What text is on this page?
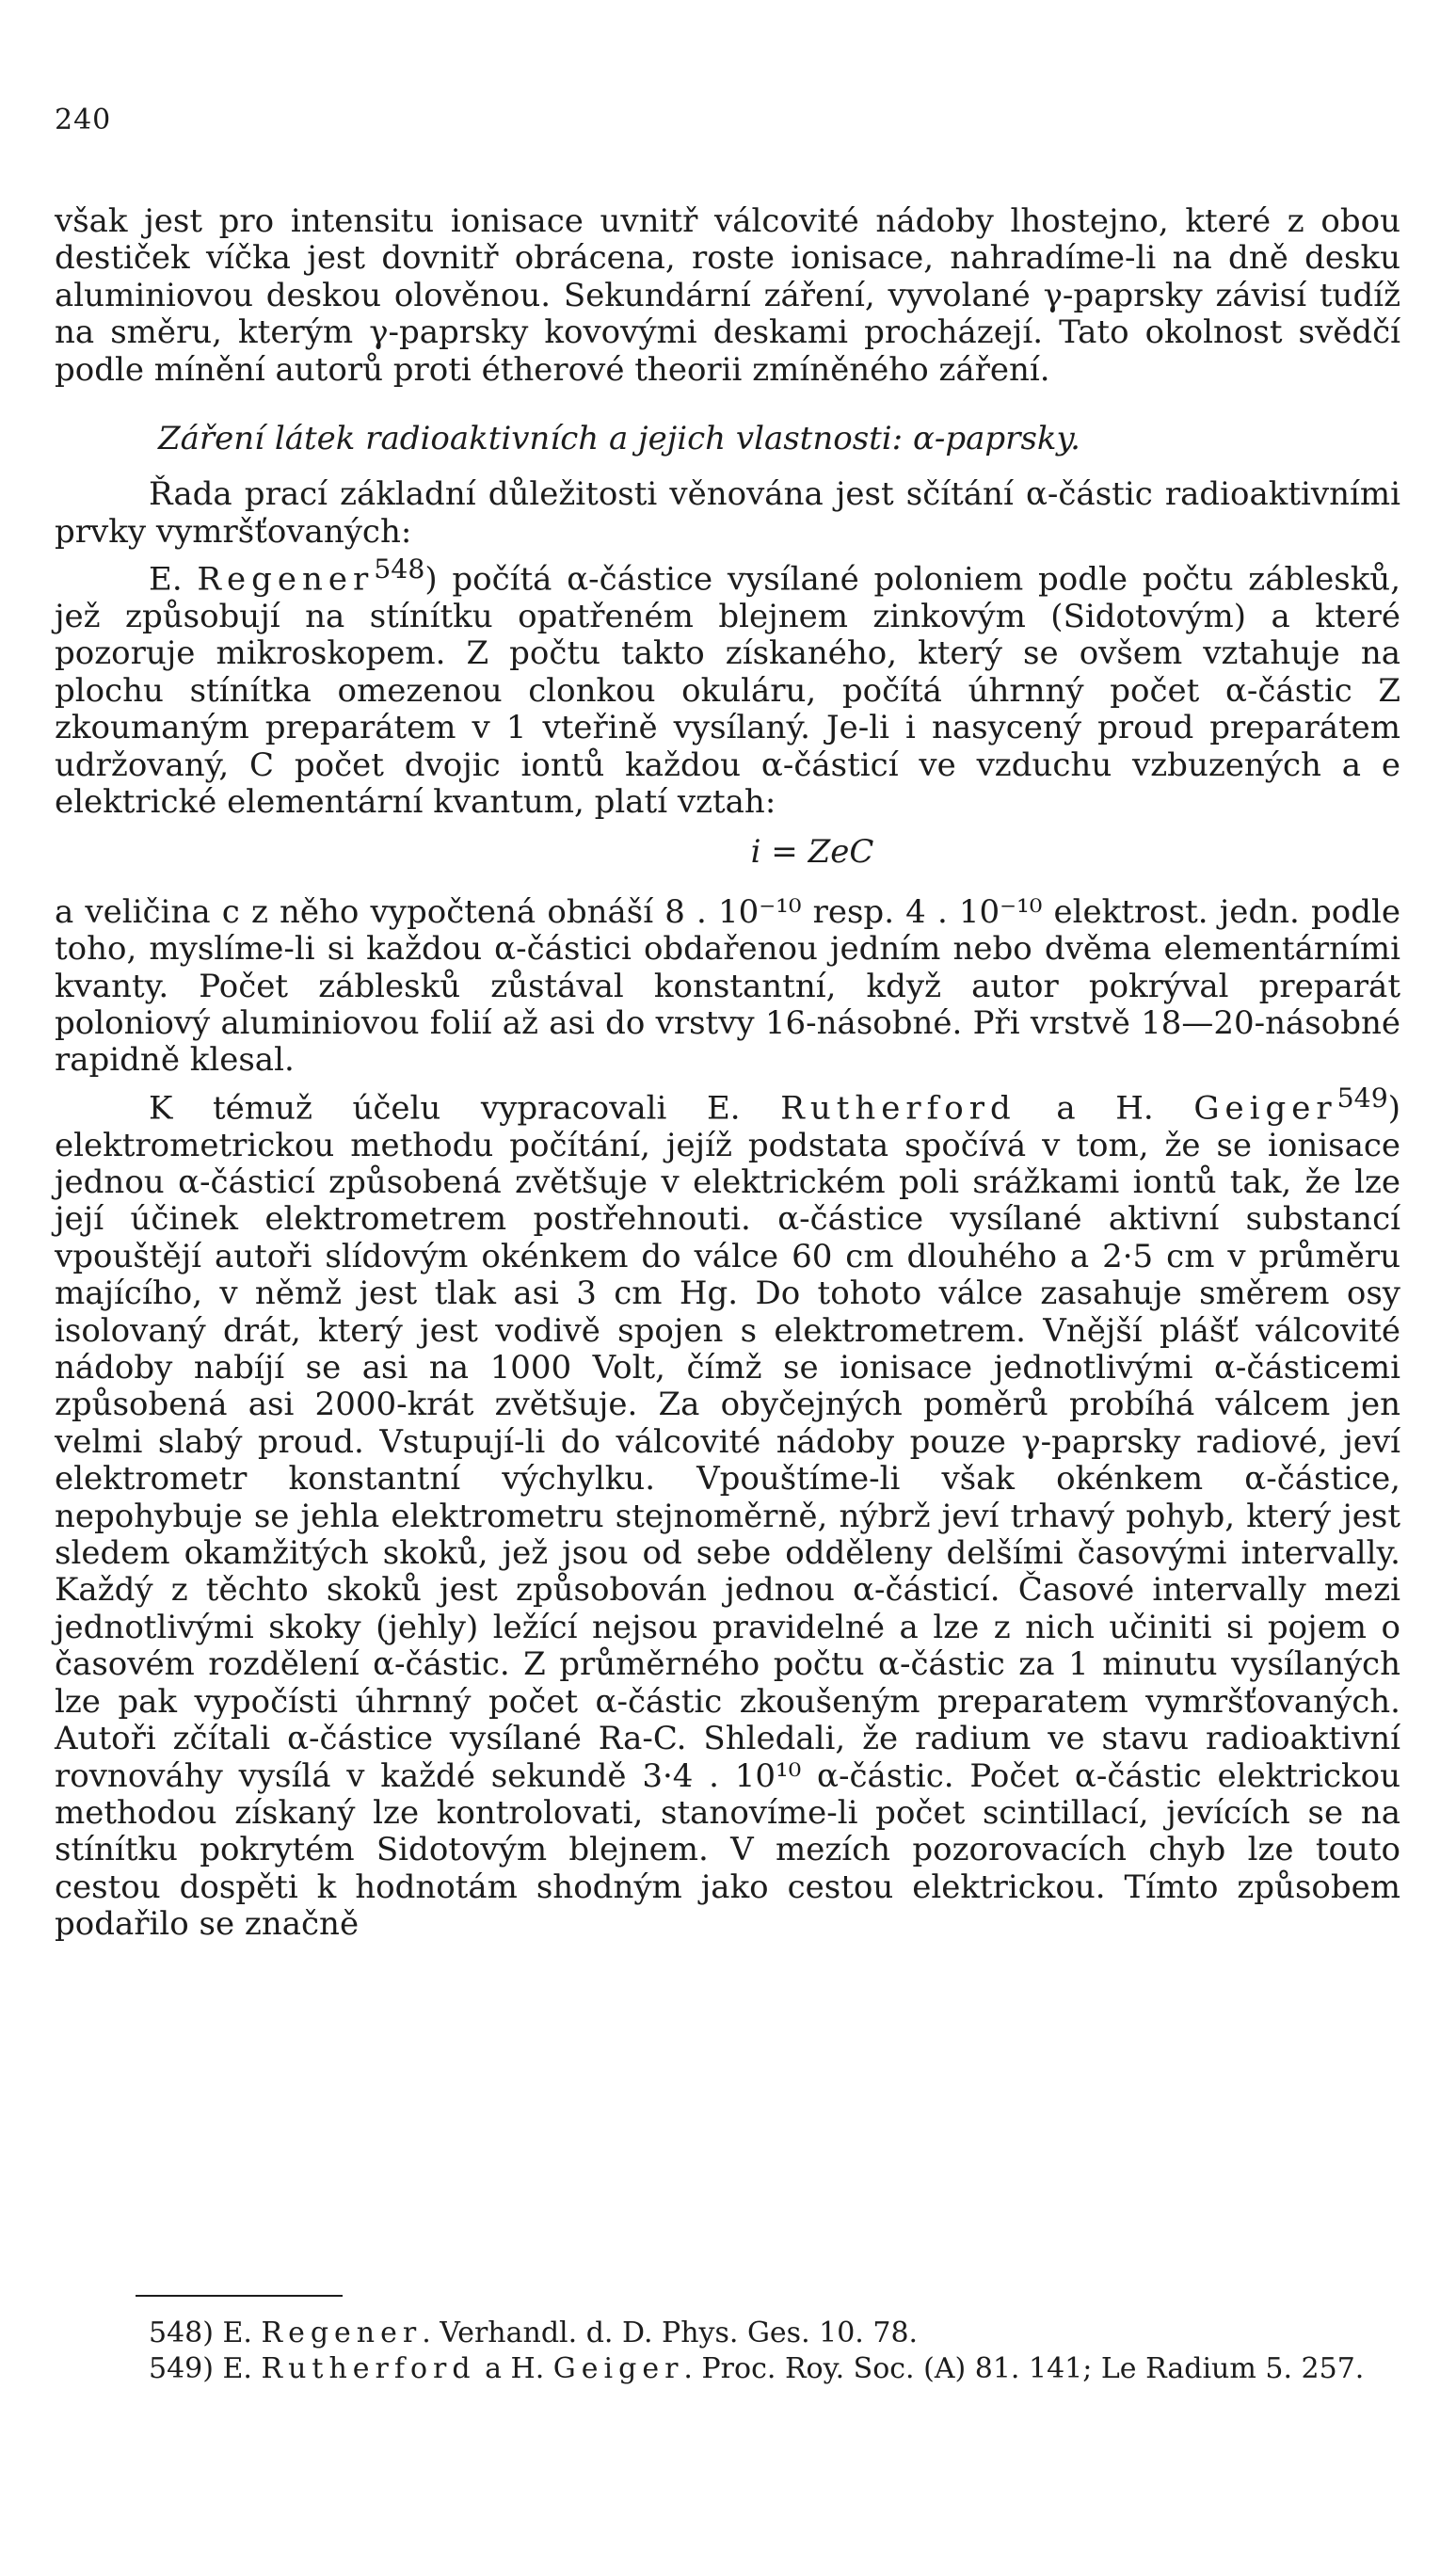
240

však jest pro intensitu ionisace uvnitř válcovité nádoby lhostejno, které z obou destiček víčka jest dovnitř obrácena, roste ionisace, nahradíme-li na dně desku aluminiovou deskou olověnou. Sekundární záření, vyvolané γ-paprsky závisí tudíž na směru, kterým γ-paprsky kovovými deskami procházejí. Tato okolnost svědčí podle mínění autorů proti étherové theorii zmíněného záření.

Záření látek radioaktivních a jejich vlastnosti: α-paprsky.

Řada prací základní důležitosti věnována jest sčítání α-částic radioaktivními prvky vymršťovaných:

E. Regener$^{548}$) počítá α-částice vysílané poloniem podle počtu záblesků, jež způsobují na stínítku opatřeném blejnem zinkovým (Sidotovým) a které pozoruje mikroskopem. Z počtu takto získaného, který se ovšem vztahuje na plochu stínítka omezenou clonkou okuláru, počítá úhrnný počet α-částic Z zkoumaným preparátem v 1 vteřině vysílaný. Je-li i nasycený proud preparátem udržovaný, C počet dvojic iontů každou α-částicí ve vzduchu vzbuzených a e elektrické elementární kvantum, platí vztah:

i = ZeC

a veličina c z něho vypočtená obnáší 8 . 10⁻¹⁰ resp. 4 . 10⁻¹⁰ elektrost. jedn. podle toho, myslíme-li si každou α-částici obdařenou jedním nebo dvěma elementárními kvanty. Počet záblesků zůstával konstantní, když autor pokrýval preparát poloniový aluminiovou folií až asi do vrstvy 16-násobné. Při vrstvě 18—20-násobné rapidně klesal.

K témuž účelu vypracovali E. Rutherford a H. Geiger$^{549}$) elektrometrickou methodu počítání, jejíž podstata spočívá v tom, že se ionisace jednou α-částicí způsobená zvětšuje v elektrickém poli srážkami iontů tak, že lze její účinek elektrometrem postřehnouti. α-částice vysílané aktivní substancí vpouštějí autoři slídovým okénkem do válce 60 cm dlouhého a 2·5 cm v průměru majícího, v němž jest tlak asi 3 cm Hg. Do tohoto válce zasahuje směrem osy isolovaný drát, který jest vodivě spojen s elektrometrem. Vnější plášť válcovité nádoby nabíjí se asi na 1000 Volt, čímž se ionisace jednotlivými α-částicemi způsobená asi 2000-krát zvětšuje. Za obyčejných poměrů probíhá válcem jen velmi slabý proud. Vstupují-li do válcovité nádoby pouze γ-paprsky radiové, jeví elektrometr konstantní výchylku. Vpouštíme-li však okénkem α-částice, nepohybuje se jehla elektrometru stejnoměrně, nýbrž jeví trhavý pohyb, který jest sledem okamžitých skoků, jež jsou od sebe odděleny delšími časovými intervally. Každý z těchto skoků jest způsobován jednou α-částicí. Časové intervally mezi jednotlivými skoky (jehly) ležící nejsou pravidelné a lze z nich učiniti si pojem o časovém rozdělení α-částic. Z průměrného počtu α-částic za 1 minutu vysílaných lze pak vypočísti úhrnný počet α-částic zkoušeným preparatem vymršťovaných. Autoři zčítali α-částice vysílané Ra-C. Shledali, že radium ve stavu radioaktivní rovnováhy vysílá v každé sekundě 3·4 . 10¹⁰ α-částic. Počet α-částic elektrickou methodou získaný lze kontrolovati, stanovíme-li počet scintillací, jevících se na stínítku pokrytém Sidotovým blejnem. V mezích pozorovacích chyb lze touto cestou dospěti k hodnotám shodným jako cestou elektrickou. Tímto způsobem podařilo se značně

548) E. Regener. Verhandl. d. D. Phys. Ges. 10. 78.

549) E. Rutherford a H. Geiger. Proc. Roy. Soc. (A) 81. 141; Le Radium 5. 257.
